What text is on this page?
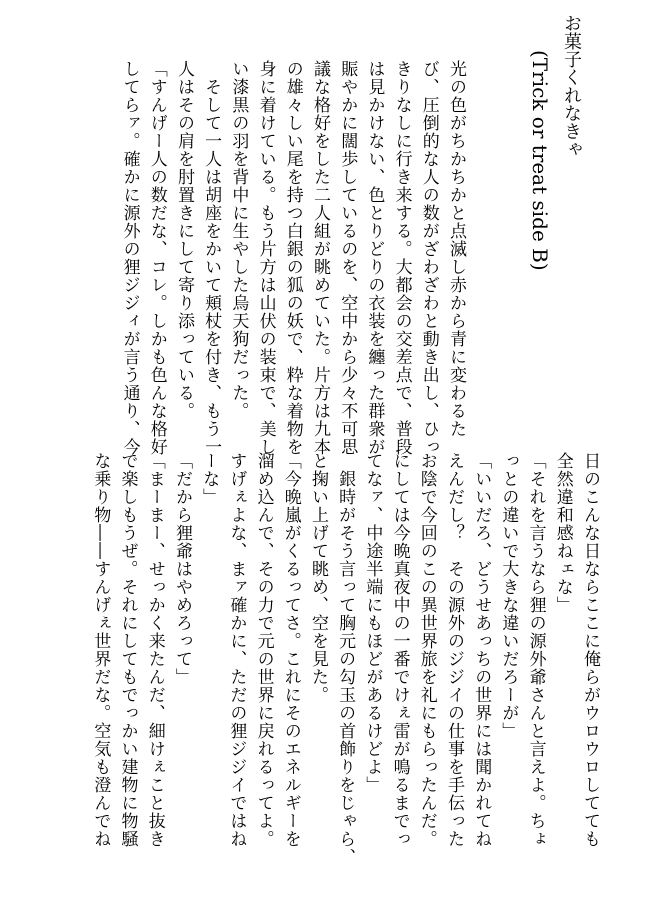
お菓子くれなきゃ
(Trick or treat side B)
光の色がちかちかと点滅し赤から青に変わるた
び、圧倒的な人の数がざわざわと動き出し、ひっ
きりなしに行き来する。大都会の交差点で、普段
は見かけない、色とりどりの衣装を纏った群衆が
賑やかに闊歩しているのを、空中から少々不可思
議な格好をした二人組が眺めていた。片方は九本
の雄々しい尾を持つ白銀の狐の妖で、粋な着物を
身に着けている。もう片方は山伏の装束で、美し
い漆黒の羽を背中に生やした烏天狗だった。
　そして一人は胡座をかいて頬杖を付き、もう一
人はその肩を肘置きにして寄り添っている。
「すんげー人の数だな、コレ。しかも色んな格好
してらァ。確かに源外の狸ジジィが言う通り、今
日のこんな日ならここに俺らがウロウロしてても
全然違和感ねェな」
「それを言うなら狸の源外爺さんと言えよ。ちょ
っとの違いで大きな違いだろーが」
「いいだろ、どうせあっちの世界には聞かれてね
えんだし？　その源外のジジイの仕事を手伝った
お陰で今回のこの異世界旅を礼にもらったんだ。
にしては今晩真夜中の一番でけぇ雷が鳴るまでっ
てなァ、中途半端にもほどがあるけどよ」
　銀時がそう言って胸元の勾玉の首飾りをじゃら、
と掬い上げて眺め、空を見た。
「今晩嵐がくるってさ。これにそのエネルギーを
溜め込んで、その力で元の世界に戻れるってよ。
すげぇよな、まァ確かに、ただの狸ジジイではね
ーな」
「だから狸爺はやめろって」
「まーまー、せっかく来たんだ、細けぇこと抜き
で楽しもうぜ。それにしてもでっかい建物に物騒
な乗り物――すんげぇ世界だな。空気も澄んでね
